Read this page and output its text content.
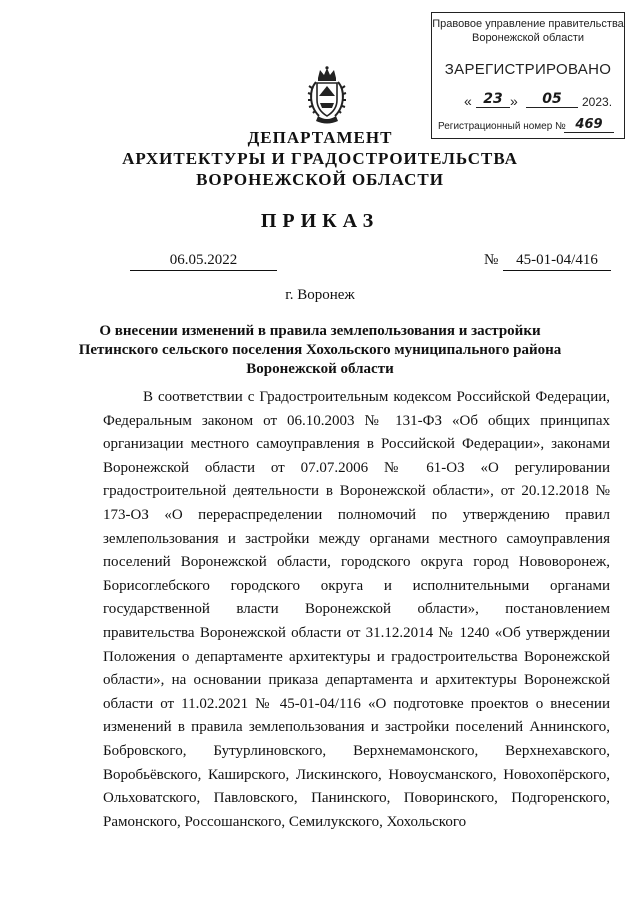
Правовое управление правительства
Воронежской области
ЗАРЕГИСТРИРОВАНО
« 23 »	05	2023.
Регистрационный номер № 469
ДЕПАРТАМЕНТ
АРХИТЕКТУРЫ И ГРАДОСТРОИТЕЛЬСТВА
ВОРОНЕЖСКОЙ ОБЛАСТИ
ПРИКАЗ
06.05.2022	№	45-01-04/416
г. Воронеж
О внесении изменений в правила землепользования и застройки
Петинского сельского поселения Хохольского муниципального района
Воронежской области
В соответствии с Градостроительным кодексом Российской Федерации, Федеральным законом от 06.10.2003 № 131-ФЗ «Об общих принципах организации местного самоуправления в Российской Федерации», законами Воронежской области от 07.07.2006 № 61-ОЗ «О регулировании градостроительной деятельности в Воронежской области», от 20.12.2018 № 173-ОЗ «О перераспределении полномочий по утверждению правил землепользования и застройки между органами местного самоуправления поселений Воронежской области, городского округа город Нововоронеж, Борисоглебского городского округа и исполнительными органами государственной власти Воронежской области», постановлением правительства Воронежской области от 31.12.2014 № 1240 «Об утверждении Положения о департаменте архитектуры и градостроительства Воронежской области», на основании приказа департамента и архитектуры Воронежской области от 11.02.2021 № 45-01-04/116 «О подготовке проектов о внесении изменений в правила землепользования и застройки поселений Аннинского, Бобровского, Бутурлиновского, Верхнемамонского, Верхнехавского, Воробьёвского, Каширского, Лискинского, Новоусманского, Новохопёрского, Ольховатского, Павловского, Панинского, Поворинского, Подгоренского, Рамонского, Россошанского, Семилукского, Хохольского
